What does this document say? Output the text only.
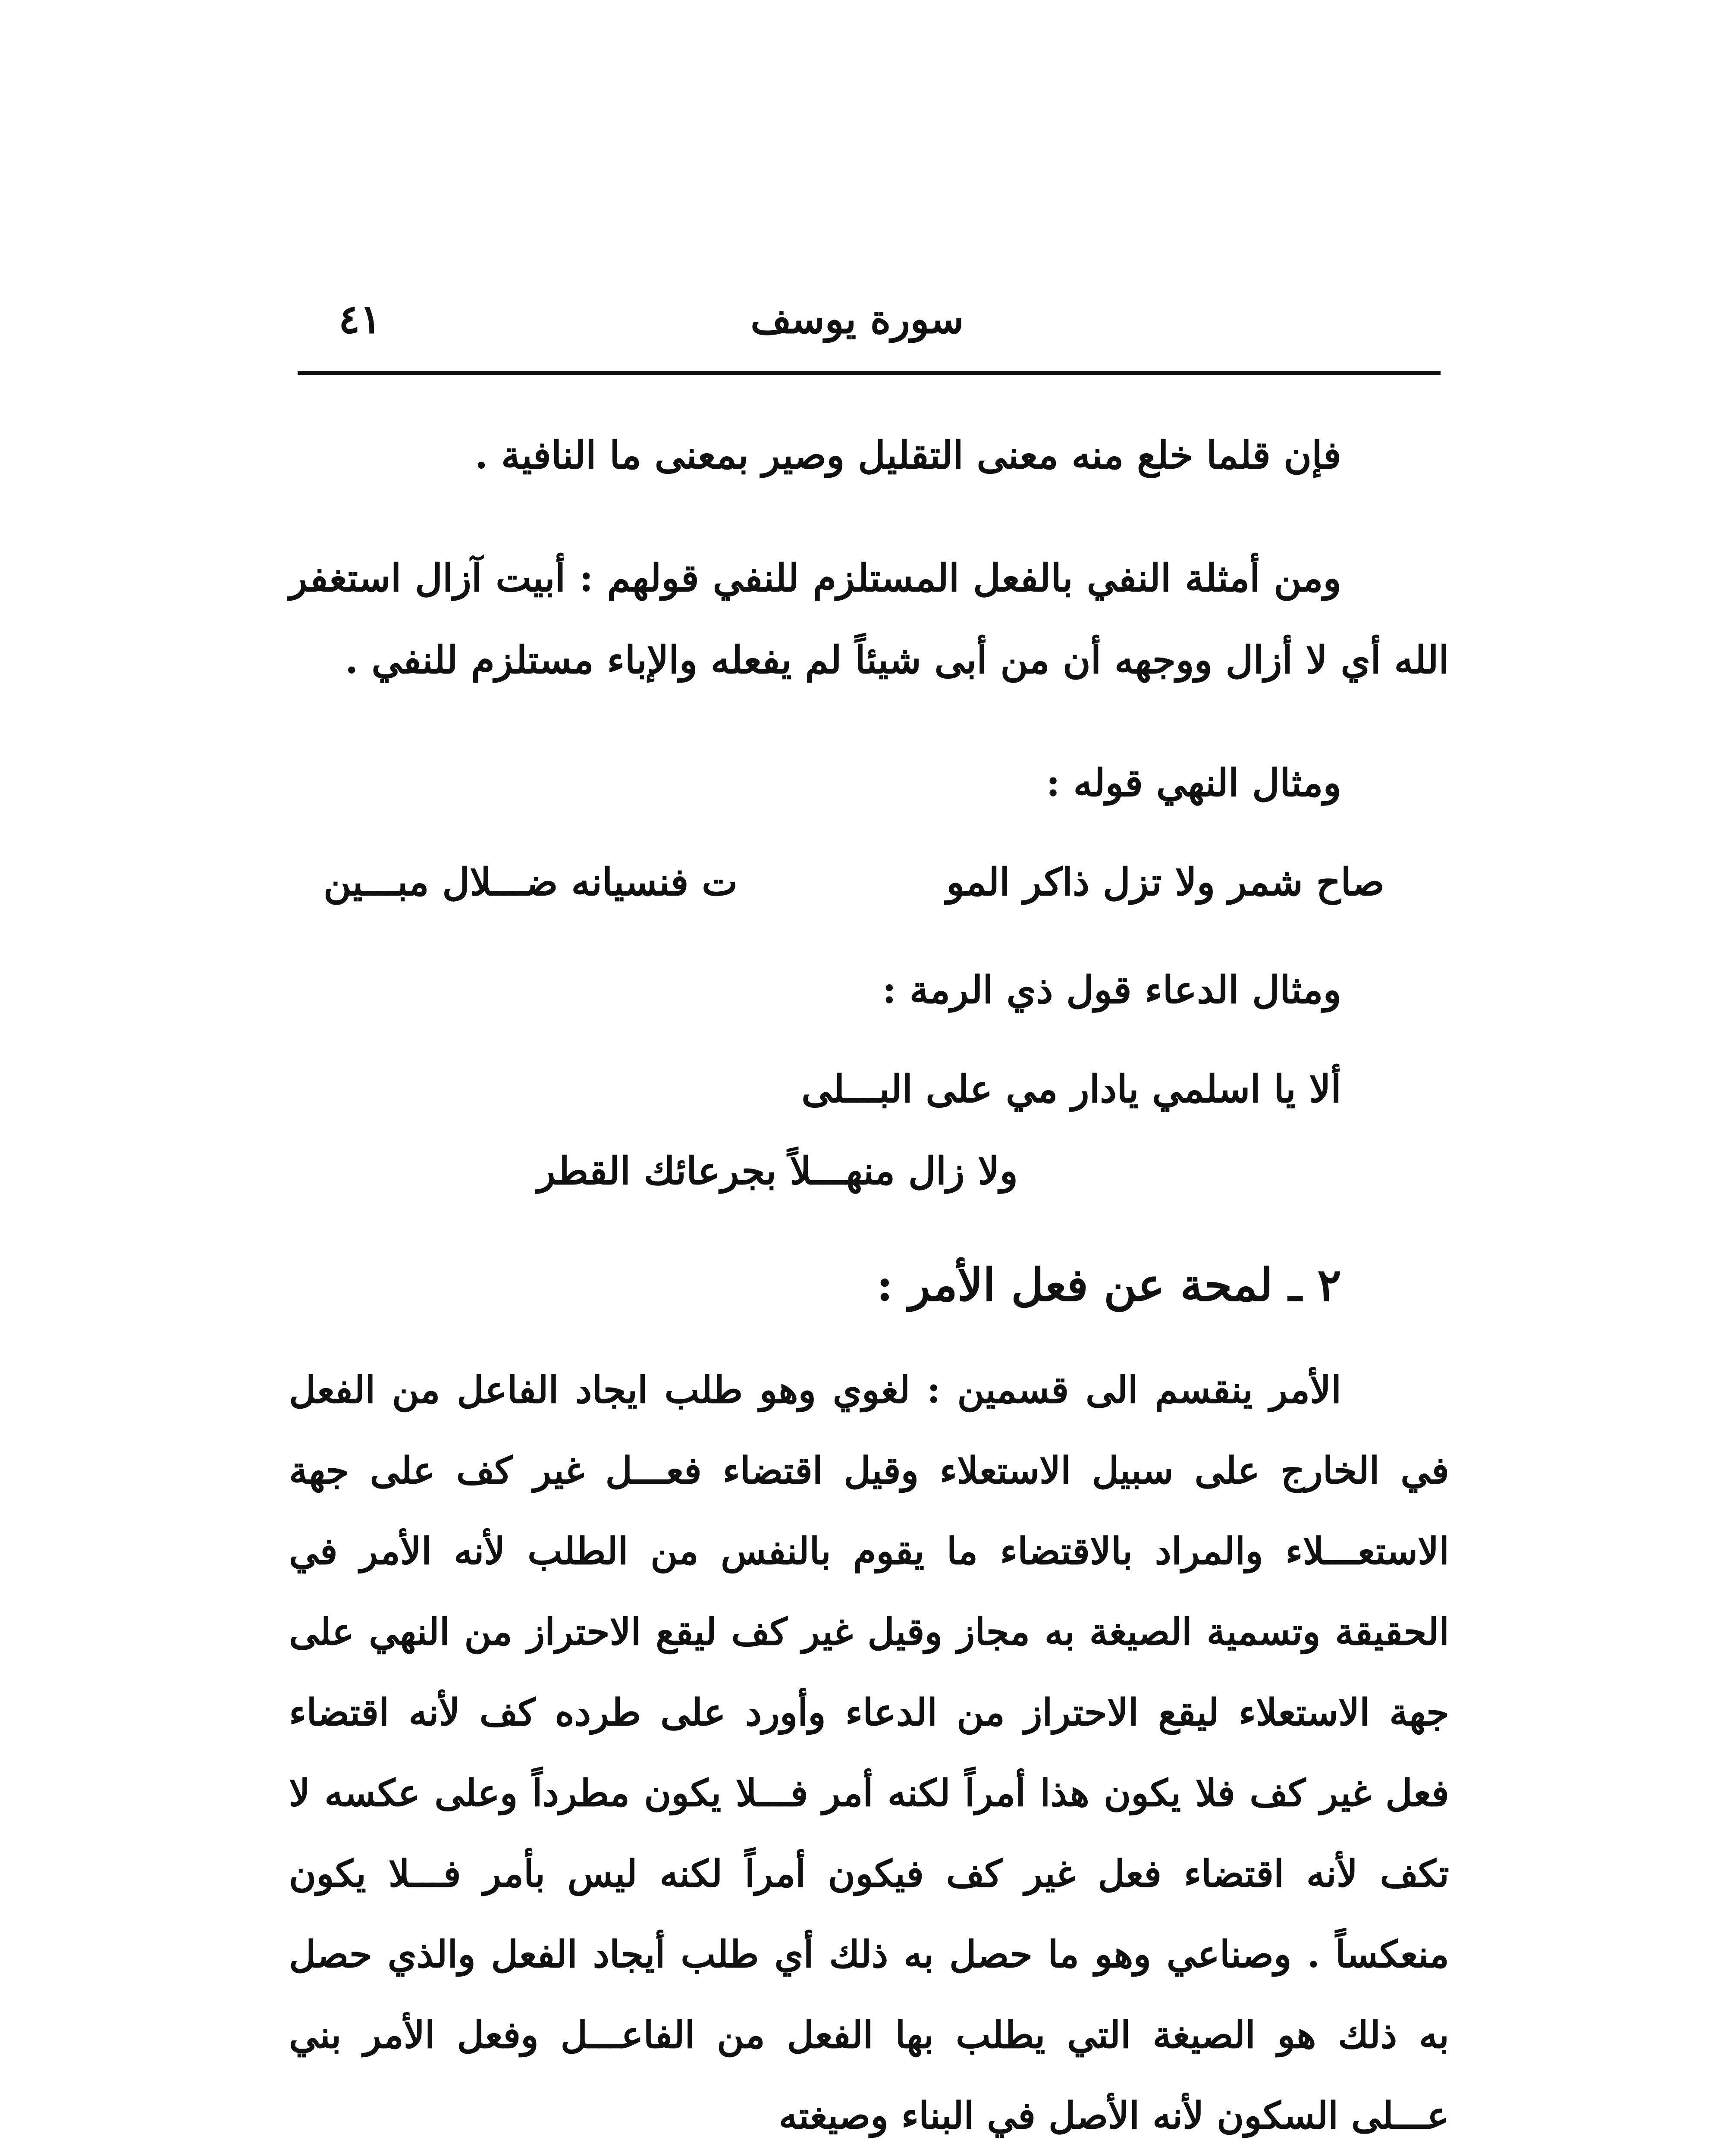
٤١	سورة يوسف

فإن قلما خلع منه معنى التقليل وصير بمعنى ما النافية .

ومن أمثلة النفي بالفعل المستلزم للنفي قولهم : أبيت آزال استغفر الله أي لا أزال ووجهه أن من أبى شيئاً لم يفعله والإباء مستلزم للنفي .

ومثال النهي قوله :

صاح شمر ولا تزل ذاكر المو
ت فنسيانه ضـــلال مبـــين

ومثال الدعاء قول ذي الرمة :

ألا يا اسلمي يادار مي على البـــلى
ولا زال منهـــلاً بجرعائك القطر
٢ ـ لمحة عن فعل الأمر :

الأمر ينقسم الى قسمين : لغوي وهو طلب ايجاد الفاعل من الفعل في الخارج على سبيل الاستعلاء وقيل اقتضاء فعـــل غير كف على جهة الاستعـــلاء والمراد بالاقتضاء ما يقوم بالنفس من الطلب لأنه الأمر في الحقيقة وتسمية الصيغة به مجاز وقيل غير كف ليقع الاحتراز من النهي على جهة الاستعلاء ليقع الاحتراز من الدعاء وأورد على طرده كف لأنه اقتضاء فعل غير كف فلا يكون هذا أمراً لكنه أمر فـــلا يكون مطرداً وعلى عكسه لا تكف لأنه اقتضاء فعل غير كف فيكون أمراً لكنه ليس بأمر فـــلا يكون منعكساً . وصناعي وهو ما حصل به ذلك أي طلب أيجاد الفعل والذي حصل به ذلك هو الصيغة التي يطلب بها الفعل من الفاعـــل وفعل الأمر بني عـــلى السكون لأنه الأصل في البناء وصيغته
